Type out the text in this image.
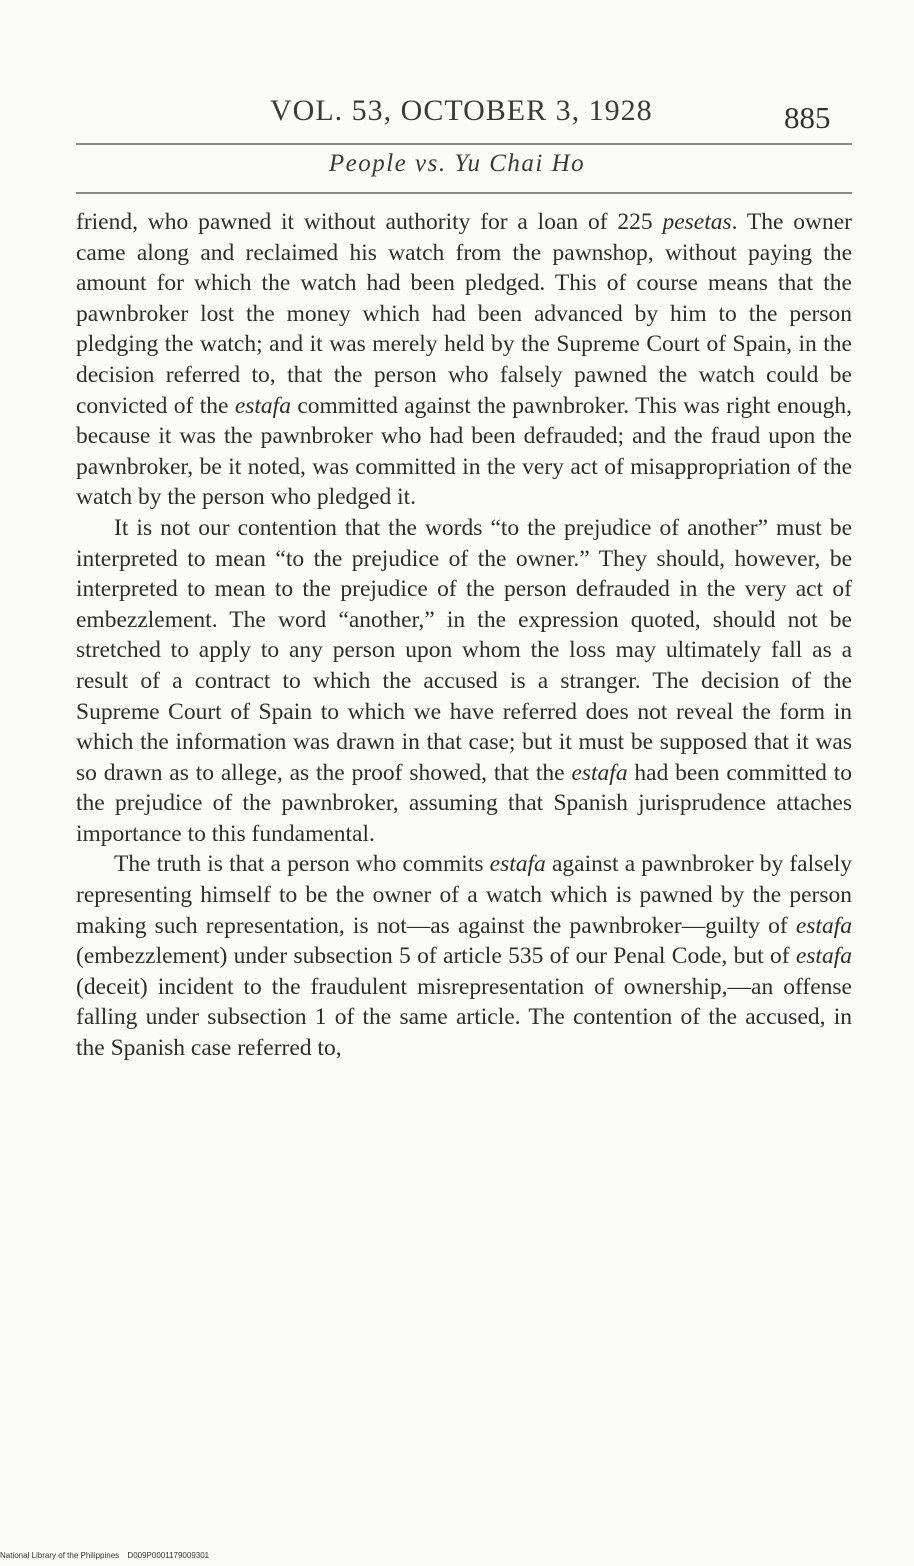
VOL. 53, OCTOBER 3, 1928	885
People vs. Yu Chai Ho

friend, who pawned it without authority for a loan of 225 pesetas. The owner came along and reclaimed his watch from the pawnshop, without paying the amount for which the watch had been pledged. This of course means that the pawnbroker lost the money which had been advanced by him to the person pledging the watch; and it was merely held by the Supreme Court of Spain, in the decision referred to, that the person who falsely pawned the watch could be convicted of the estafa committed against the pawnbroker. This was right enough, because it was the pawnbroker who had been defrauded; and the fraud upon the pawnbroker, be it noted, was committed in the very act of misappropriation of the watch by the person who pledged it.

It is not our contention that the words “to the prejudice of another” must be interpreted to mean “to the prejudice of the owner.” They should, however, be interpreted to mean to the prejudice of the person defrauded in the very act of embezzlement. The word “another,” in the expression quoted, should not be stretched to apply to any person upon whom the loss may ultimately fall as a result of a contract to which the accused is a stranger. The decision of the Supreme Court of Spain to which we have referred does not reveal the form in which the information was drawn in that case; but it must be supposed that it was so drawn as to allege, as the proof showed, that the estafa had been committed to the prejudice of the pawnbroker, assuming that Spanish jurisprudence attaches importance to this fundamental.

The truth is that a person who commits estafa against a pawnbroker by falsely representing himself to be the owner of a watch which is pawned by the person making such representation, is not—as against the pawnbroker—guilty of estafa (embezzlement) under subsection 5 of article 535 of our Penal Code, but of estafa (deceit) incident to the fraudulent misrepresentation of ownership,—an offense falling under subsection 1 of the same article. The contention of the accused, in the Spanish case referred to,

National Library of the Philippines D009P0001179009301
